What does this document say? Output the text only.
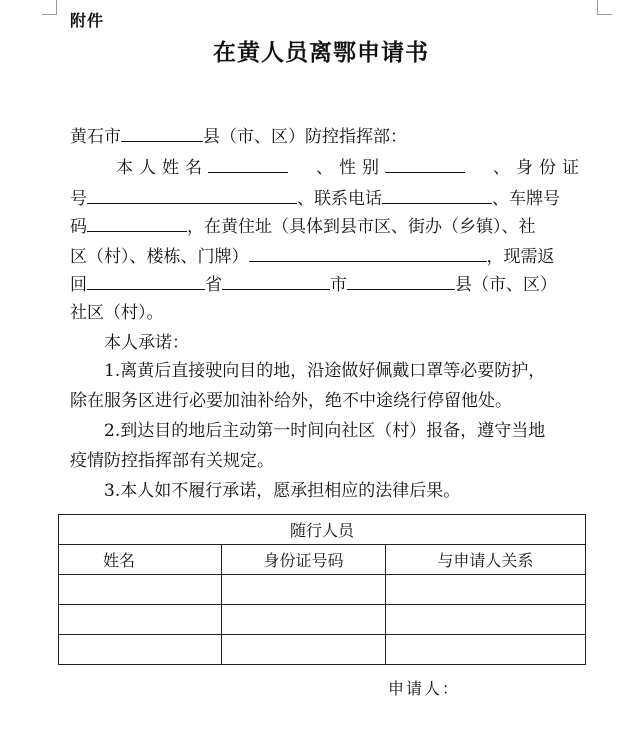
附件
在黄人员离鄂申请书
黄石市	县（市、区）防控指挥部：
本人姓名	、性别	、身份证
号	、联系电话	、车牌号
码	，在黄住址（具体到县市区、街办（乡镇）、社
区（村）、楼栋、门牌）	，现需返
回	省	市	县（市、区）
社区（村）。
本人承诺：
1.离黄后直接驶向目的地，沿途做好佩戴口罩等必要防护，
除在服务区进行必要加油补给外，绝不中途绕行停留他处。
2.到达目的地后主动第一时间向社区（村）报备，遵守当地
疫情防控指挥部有关规定。
3.本人如不履行承诺，愿承担相应的法律后果。
随行人员		
姓名	身份证号码	与申请人关系

申请人：
